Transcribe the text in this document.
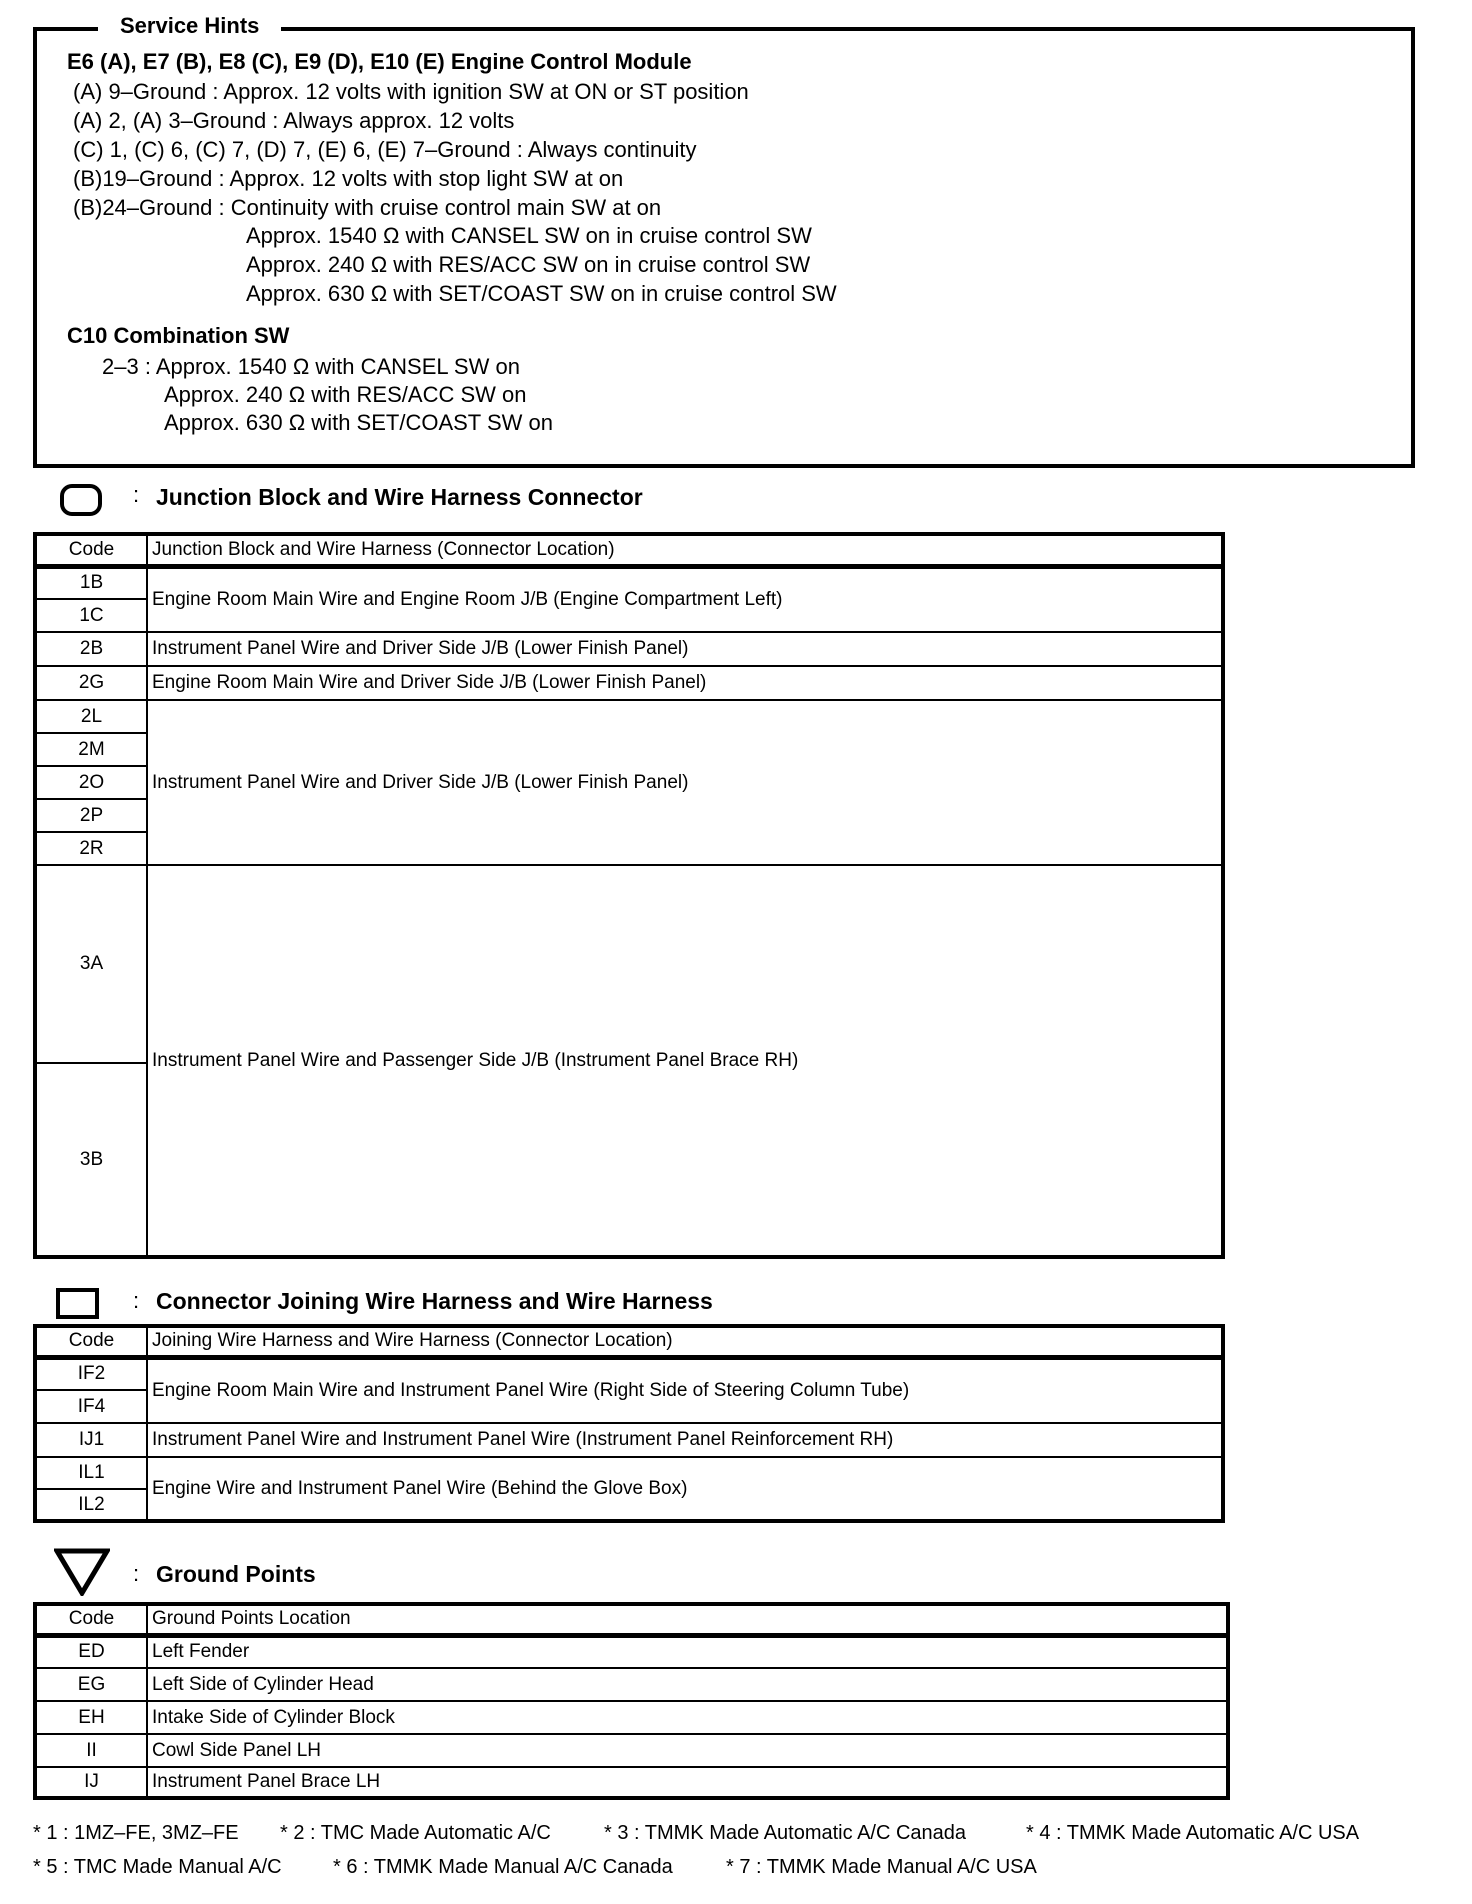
Service Hints
E6 (A), E7 (B), E8 (C), E9 (D), E10 (E) Engine Control Module
(A) 9–Ground : Approx. 12 volts with ignition SW at ON or ST position
(A) 2, (A) 3–Ground : Always approx. 12 volts
(C) 1, (C) 6, (C) 7, (D) 7, (E) 6, (E) 7–Ground : Always continuity
(B)19–Ground : Approx. 12 volts with stop light SW at on
(B)24–Ground : Continuity with cruise control main SW at on
Approx. 1540 Ω with CANSEL SW on in cruise control SW
Approx. 240 Ω with RES/ACC SW on in cruise control SW
Approx. 630 Ω with SET/COAST SW on in cruise control SW
C10 Combination SW
2–3 : Approx. 1540 Ω with CANSEL SW on
Approx. 240 Ω with RES/ACC SW on
Approx. 630 Ω with SET/COAST SW on
: Junction Block and Wire Harness Connector
Code	Junction Block and Wire Harness (Connector Location)
1B	Engine Room Main Wire and Engine Room J/B (Engine Compartment Left)
1C	
2B	Instrument Panel Wire and Driver Side J/B (Lower Finish Panel)
2G	Engine Room Main Wire and Driver Side J/B (Lower Finish Panel)
2L	Instrument Panel Wire and Driver Side J/B (Lower Finish Panel)
2M	
2O	
2P	
2R	
3A	Instrument Panel Wire and Passenger Side J/B (Instrument Panel Brace RH)
3B	
: Connector Joining Wire Harness and Wire Harness
Code	Joining Wire Harness and Wire Harness (Connector Location)
IF2	Engine Room Main Wire and Instrument Panel Wire (Right Side of Steering Column Tube)
IF4	
IJ1	Instrument Panel Wire and Instrument Panel Wire (Instrument Panel Reinforcement RH)
IL1	Engine Wire and Instrument Panel Wire (Behind the Glove Box)
IL2	
: Ground Points
Code	Ground Points Location
ED	Left Fender
EG	Left Side of Cylinder Head
EH	Intake Side of Cylinder Block
II	Cowl Side Panel LH
IJ	Instrument Panel Brace LH
* 1 : 1MZ–FE, 3MZ–FE * 2 : TMC Made Automatic A/C	* 3 : TMMK Made Automatic A/C Canada	* 4 : TMMK Made Automatic A/C USA
* 5 : TMC Made Manual A/C	* 6 : TMMK Made Manual A/C Canada	* 7 : TMMK Made Manual A/C USA
